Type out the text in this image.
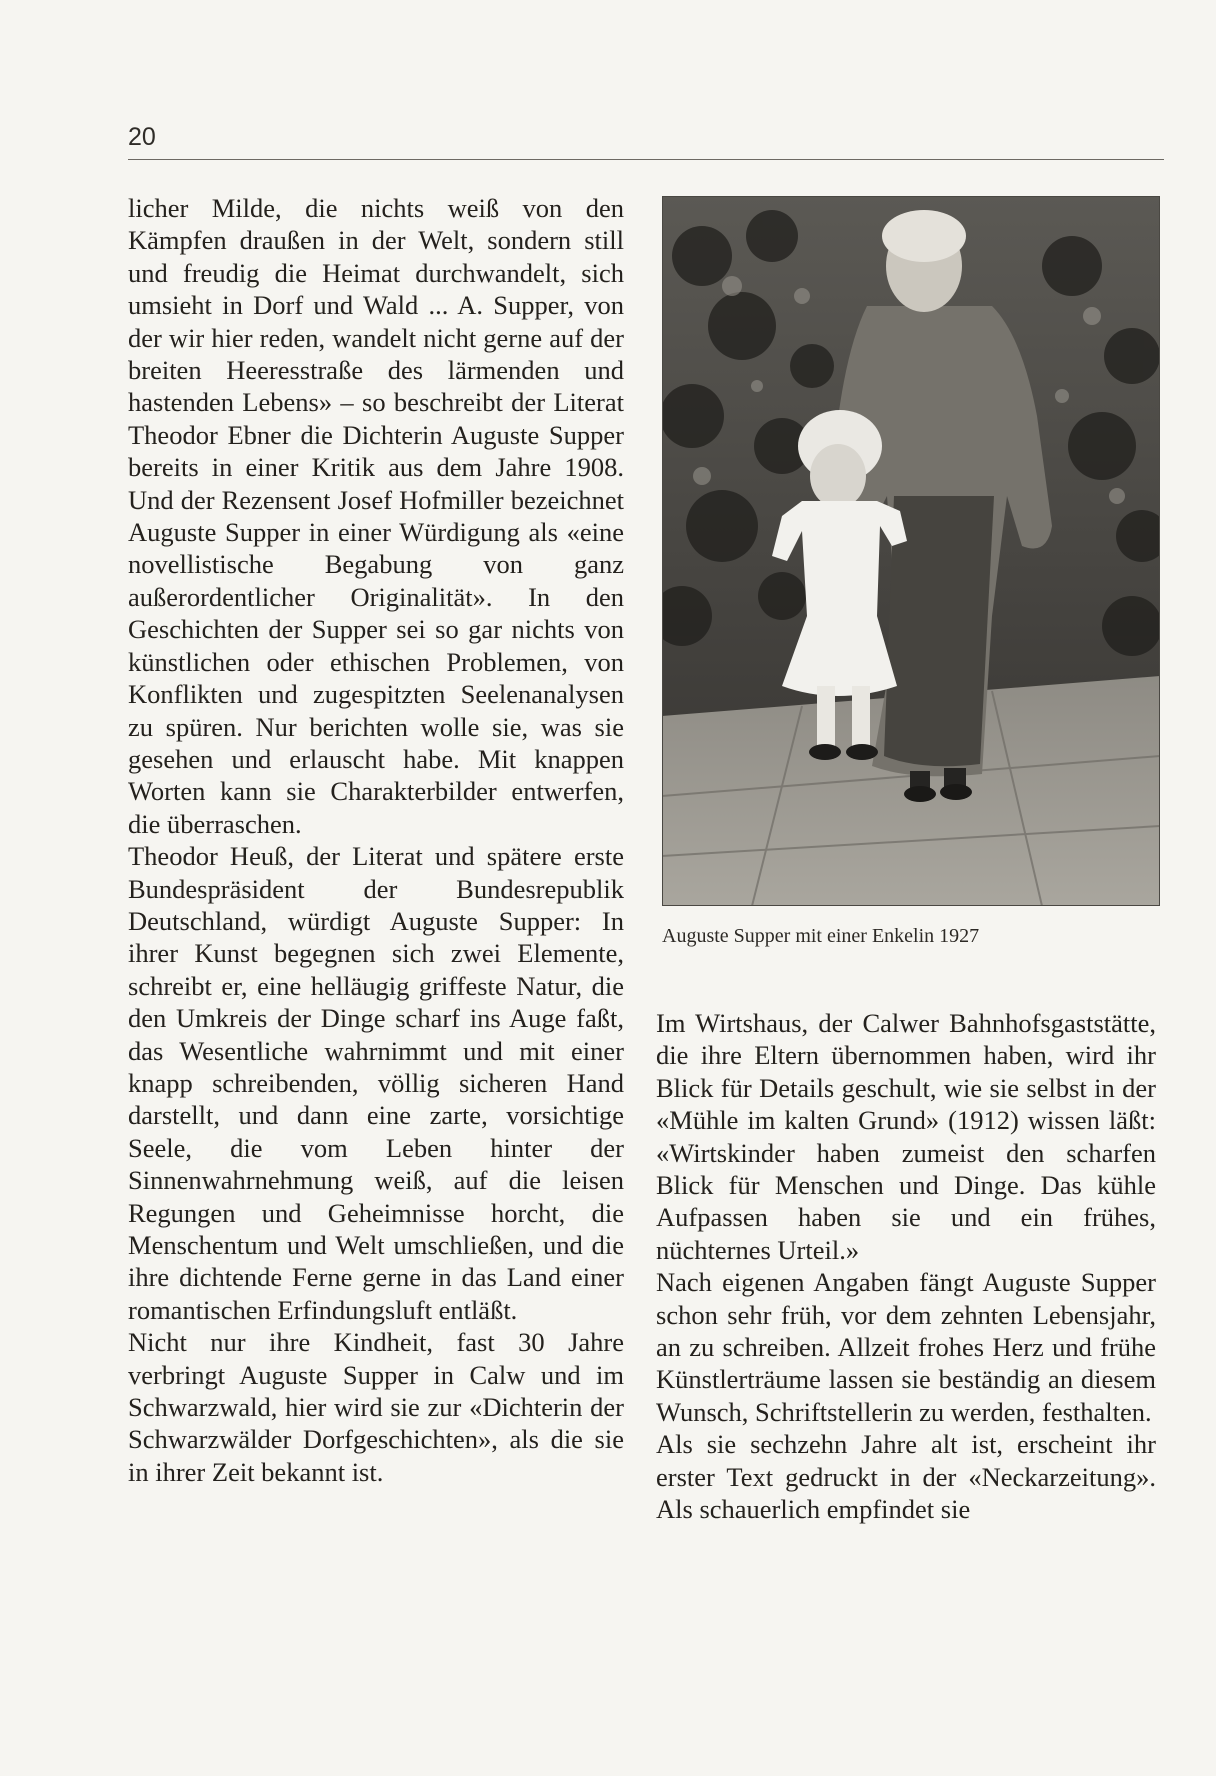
20

licher Milde, die nichts weiß von den Kämpfen draußen in der Welt, sondern still und freudig die Heimat durchwandelt, sich umsieht in Dorf und Wald ... A. Supper, von der wir hier reden, wandelt nicht gerne auf der breiten Heeresstraße des lärmenden und hastenden Lebens» – so beschreibt der Literat Theodor Ebner die Dichterin Auguste Supper bereits in einer Kritik aus dem Jahre 1908. Und der Rezensent Josef Hofmiller bezeichnet Auguste Supper in einer Würdigung als «eine novellistische Begabung von ganz außerordentlicher Originalität». In den Geschichten der Supper sei so gar nichts von künstlichen oder ethischen Problemen, von Konflikten und zugespitzten Seelenanalysen zu spüren. Nur berichten wolle sie, was sie gesehen und erlauscht habe. Mit knappen Worten kann sie Charakterbilder entwerfen, die überraschen.

Theodor Heuß, der Literat und spätere erste Bundespräsident der Bundesrepublik Deutschland, würdigt Auguste Supper: In ihrer Kunst begegnen sich zwei Elemente, schreibt er, eine helläugig griffeste Natur, die den Umkreis der Dinge scharf ins Auge faßt, das Wesentliche wahrnimmt und mit einer knapp schreibenden, völlig sicheren Hand darstellt, und dann eine zarte, vorsichtige Seele, die vom Leben hinter der Sinnenwahrnehmung weiß, auf die leisen Regungen und Geheimnisse horcht, die Menschentum und Welt umschließen, und die ihre dichtende Ferne gerne in das Land einer romantischen Erfindungsluft entläßt.

Nicht nur ihre Kindheit, fast 30 Jahre verbringt Auguste Supper in Calw und im Schwarzwald, hier wird sie zur «Dichterin der Schwarzwälder Dorfgeschichten», als die sie in ihrer Zeit bekannt ist.

Auguste Supper mit einer Enkelin 1927

Im Wirtshaus, der Calwer Bahnhofsgaststätte, die ihre Eltern übernommen haben, wird ihr Blick für Details geschult, wie sie selbst in der «Mühle im kalten Grund» (1912) wissen läßt: «Wirtskinder haben zumeist den scharfen Blick für Menschen und Dinge. Das kühle Aufpassen haben sie und ein frühes, nüchternes Urteil.»

Nach eigenen Angaben fängt Auguste Supper schon sehr früh, vor dem zehnten Lebensjahr, an zu schreiben. Allzeit frohes Herz und frühe Künstlerträume lassen sie beständig an diesem Wunsch, Schriftstellerin zu werden, festhalten.

Als sie sechzehn Jahre alt ist, erscheint ihr erster Text gedruckt in der «Neckarzeitung». Als schauerlich empfindet sie
